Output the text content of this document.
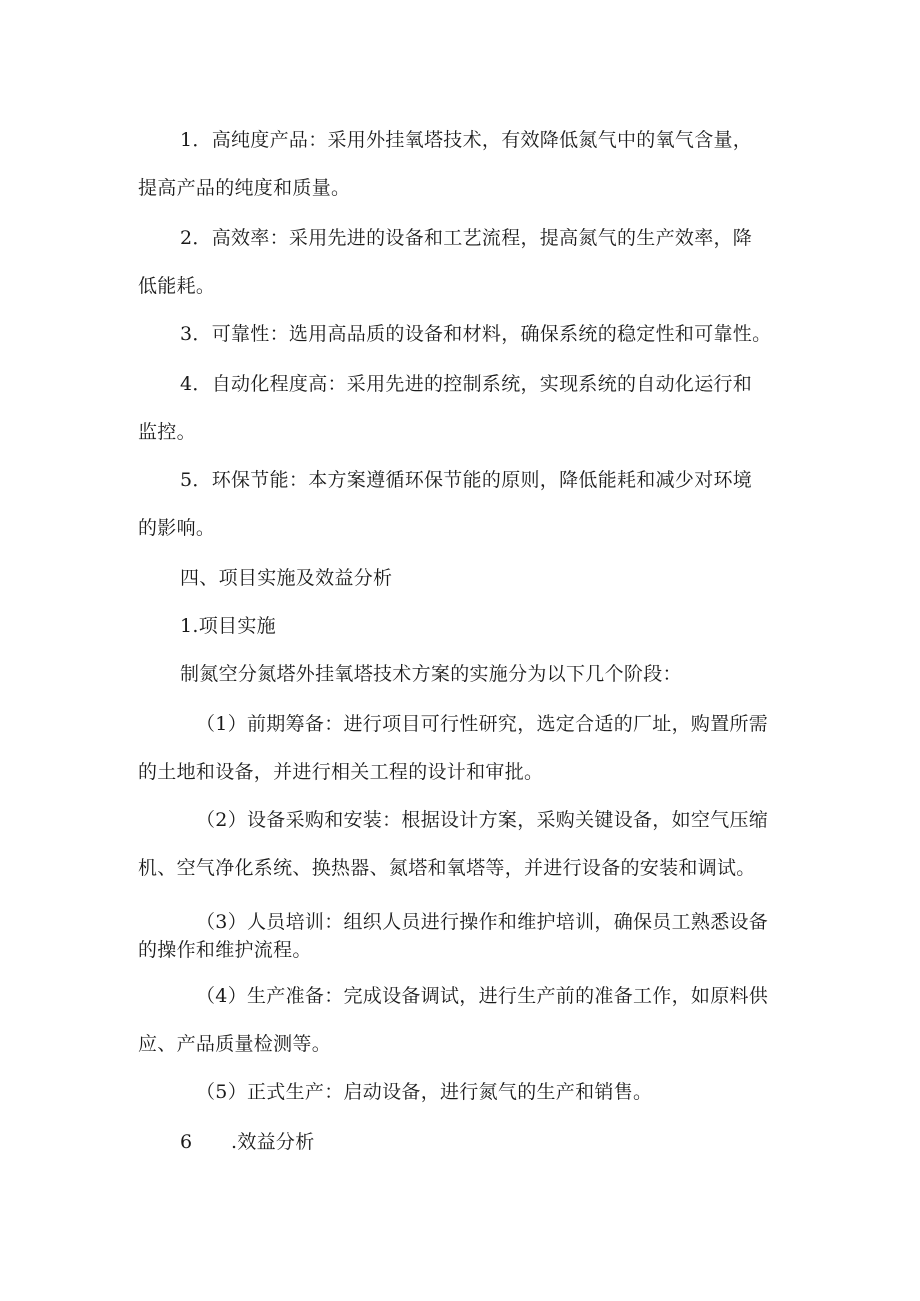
1．高纯度产品：采用外挂氧塔技术，有效降低氮气中的氧气含量，
提高产品的纯度和质量。
2．高效率：采用先进的设备和工艺流程，提高氮气的生产效率，降
低能耗。
3．可靠性：选用高品质的设备和材料，确保系统的稳定性和可靠性。
4．自动化程度高：采用先进的控制系统，实现系统的自动化运行和
监控。
5．环保节能：本方案遵循环保节能的原则，降低能耗和减少对环境
的影响。
四、项目实施及效益分析
1.项目实施
制氮空分氮塔外挂氧塔技术方案的实施分为以下几个阶段：
（1）前期筹备：进行项目可行性研究，选定合适的厂址，购置所需
的土地和设备，并进行相关工程的设计和审批。
（2）设备采购和安装：根据设计方案，采购关键设备，如空气压缩
机、空气净化系统、换热器、氮塔和氧塔等，并进行设备的安装和调试。
（3）人员培训：组织人员进行操作和维护培训，确保员工熟悉设备
的操作和维护流程。
（4）生产准备：完成设备调试，进行生产前的准备工作，如原料供
应、产品质量检测等。
（5）正式生产：启动设备，进行氮气的生产和销售。
6　　.效益分析
